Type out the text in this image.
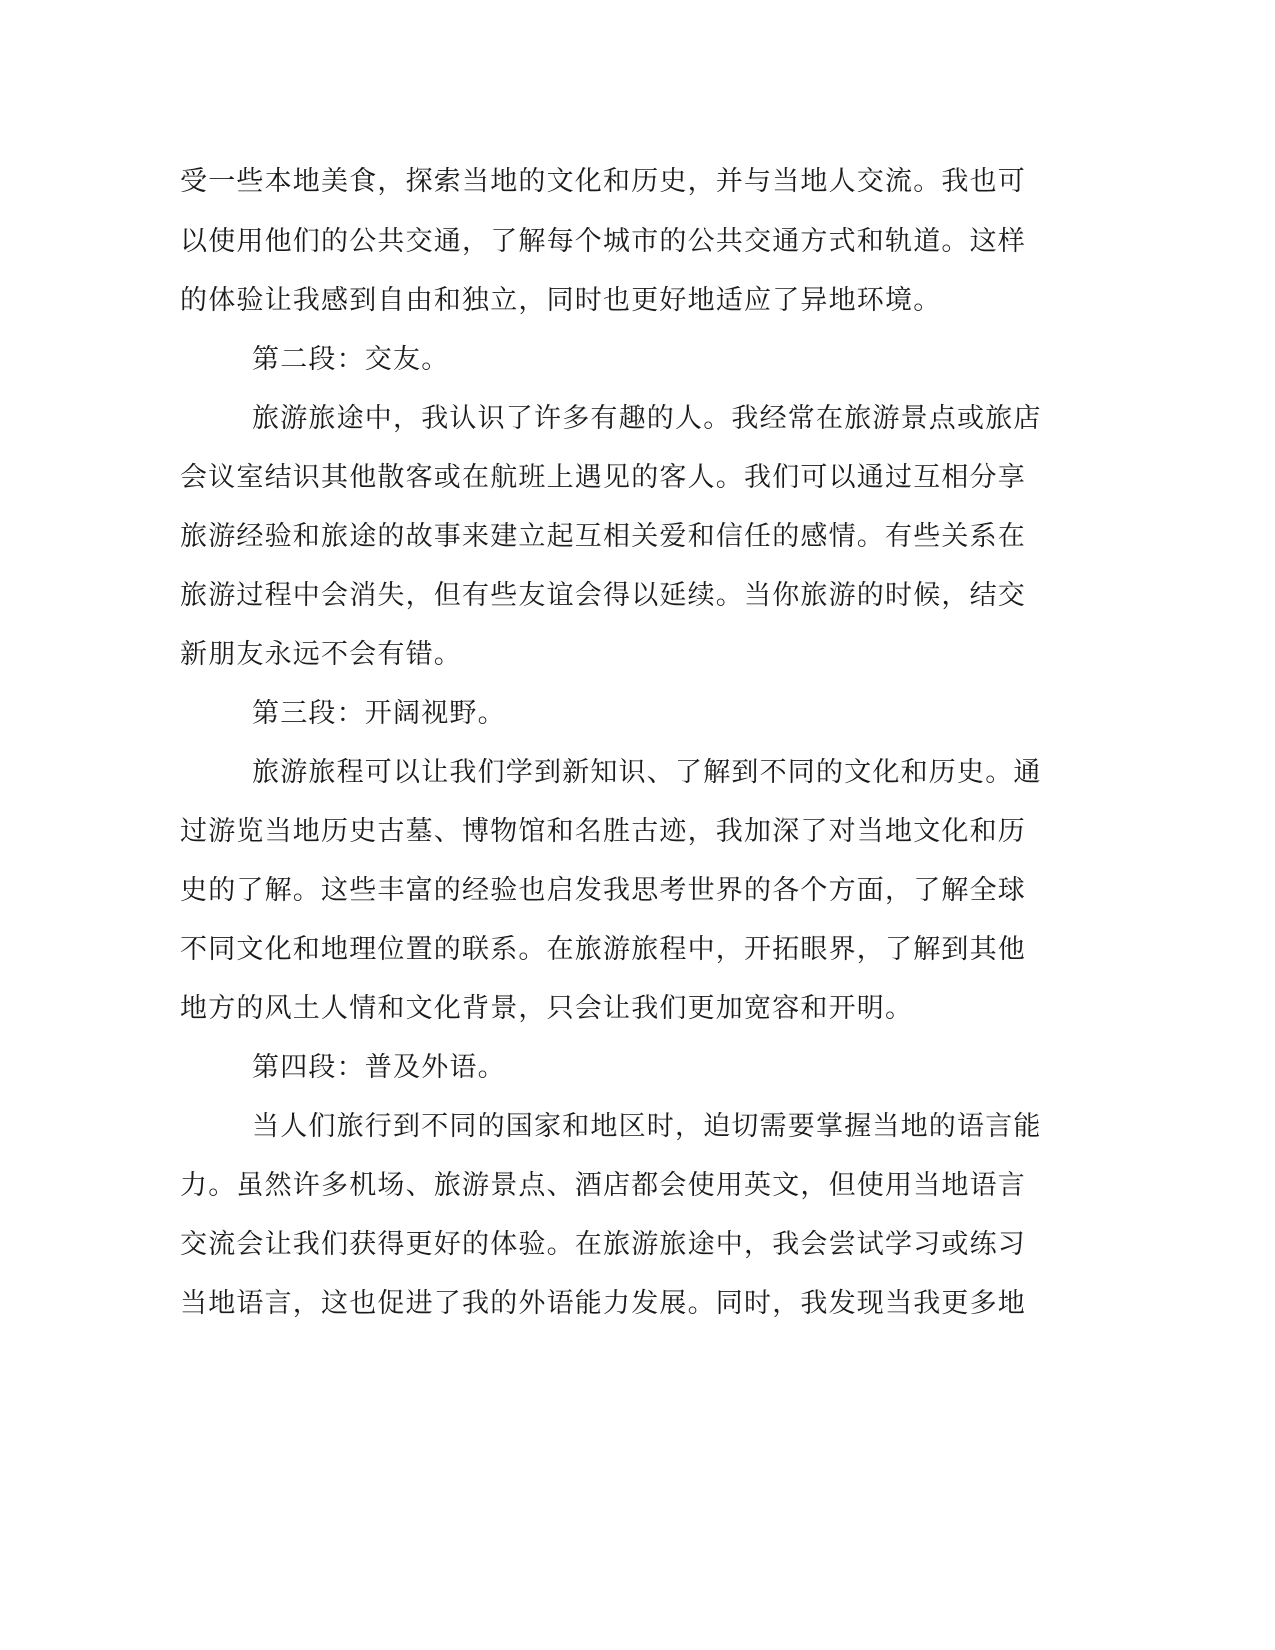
受一些本地美食，探索当地的文化和历史，并与当地人交流。我也可
以使用他们的公共交通，了解每个城市的公共交通方式和轨道。这样
的体验让我感到自由和独立，同时也更好地适应了异地环境。
第二段：交友。
旅游旅途中，我认识了许多有趣的人。我经常在旅游景点或旅店
会议室结识其他散客或在航班上遇见的客人。我们可以通过互相分享
旅游经验和旅途的故事来建立起互相关爱和信任的感情。有些关系在
旅游过程中会消失，但有些友谊会得以延续。当你旅游的时候，结交
新朋友永远不会有错。
第三段：开阔视野。
旅游旅程可以让我们学到新知识、了解到不同的文化和历史。通
过游览当地历史古墓、博物馆和名胜古迹，我加深了对当地文化和历
史的了解。这些丰富的经验也启发我思考世界的各个方面，了解全球
不同文化和地理位置的联系。在旅游旅程中，开拓眼界，了解到其他
地方的风土人情和文化背景，只会让我们更加宽容和开明。
第四段：普及外语。
当人们旅行到不同的国家和地区时，迫切需要掌握当地的语言能
力。虽然许多机场、旅游景点、酒店都会使用英文，但使用当地语言
交流会让我们获得更好的体验。在旅游旅途中，我会尝试学习或练习
当地语言，这也促进了我的外语能力发展。同时，我发现当我更多地
